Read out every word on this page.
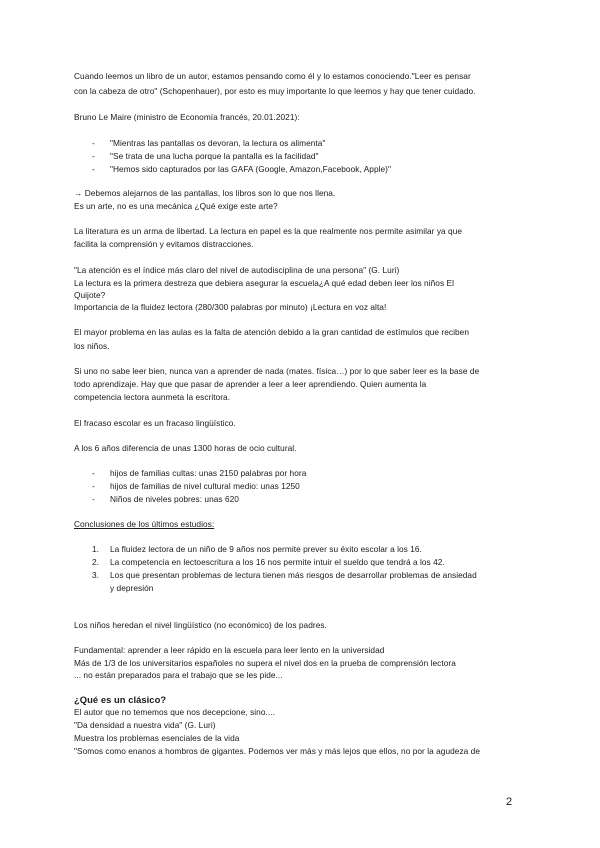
Cuando leemos un libro de un autor, estamos pensando como él y lo estamos conociendo."Leer es pensar
con la cabeza de otro" (Schopenhauer), por esto es muy importante lo que leemos y hay que tener cuidado.
Bruno Le Maire (ministro de Economía francés, 20.01.2021):
- "Mientras las pantallas os devoran, la lectura os alimenta"
- "Se trata de una lucha porque la pantalla es la facilidad"
- "Hemos sido capturados por las GAFA (Google, Amazon,Facebook, Apple)"
→ Debemos alejarnos de las pantallas, los libros son lo que nos llena.
Es un arte, no es una mecánica ¿Qué exige este arte?
La literatura es un arma de libertad. La lectura en papel es la que realmente nos permite asimilar ya que
facilita la comprensión y evitamos distracciones.
"La atención es el índice más claro del nivel de autodisciplina de una persona" (G. Luri)
La lectura es la primera destreza que debiera asegurar la escuela¿A qué edad deben leer los niños El
Quijote?
Importancia de la fluidez lectora (280/300 palabras por minuto) ¡Lectura en voz alta!
El mayor problema en las aulas es la falta de atención debido a la gran cantidad de estímulos que reciben
los niños.
Si uno no sabe leer bien, nunca van a aprender de nada (mates. física…) por lo que saber leer es la base de
todo aprendizaje. Hay que que pasar de aprender a leer a leer aprendiendo. Quien aumenta la
competencia lectora aunmeta la escritora.
El fracaso escolar es un fracaso lingüístico.
A los 6 años diferencia de unas 1300 horas de ocio cultural.
- hijos de familias cultas: unas 2150 palabras por hora
- hijos de familias de nivel cultural medio: unas 1250
- Niños de niveles pobres: unas 620
Conclusiones de los últimos estudios:
1. La fluidez lectora de un niño de 9 años nos permite prever su éxito escolar a los 16.
2. La competencia en lectoescritura a los 16 nos permite intuir el sueldo que tendrá a los 42.
3. Los que presentan problemas de lectura tienen más riesgos de desarrollar problemas de ansiedad
y depresión
Los niños heredan el nivel lingüístico (no económico) de los padres.
Fundamental: aprender a leer rápido en la escuela para leer lento en la universidad
Más de 1/3 de los universitarios españoles no supera el nivel dos en la prueba de comprensión lectora
... no están preparados para el trabajo que se les pide...
¿Qué es un clásico?
El autor que no tememos que nos decepcione, sino....
"Da densidad a nuestra vida" (G. Luri)
Muestra los problemas esenciales de la vida
"Somos como enanos a hombros de gigantes. Podemos ver más y más lejos que ellos, no por la agudeza de
2
